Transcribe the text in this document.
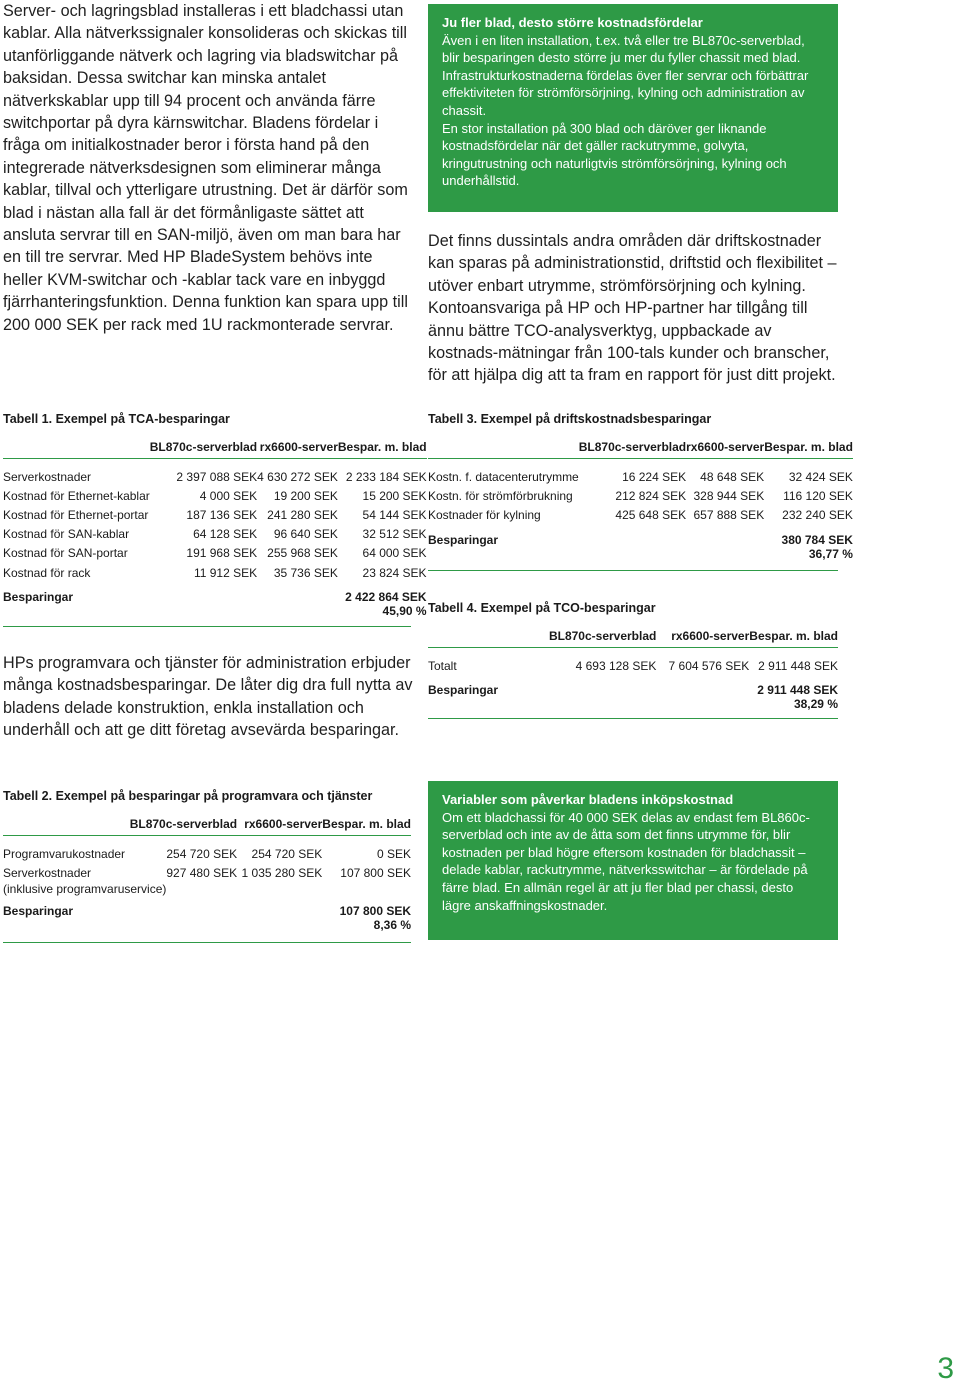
Server- och lagringsblad installeras i ett bladchassi utan kablar. Alla nätverkssignaler konsolideras och skickas till utanförliggande nätverk och lagring via bladswitchar på baksidan. Dessa switchar kan minska antalet nätverkskablar upp till 94 procent och använda färre switchportar på dyra kärnswitchar. Bladens fördelar i fråga om initialkostnader beror i första hand på den integrerade nätverksdesignen som eliminerar många kablar, tillval och ytterligare utrustning. Det är därför som blad i nästan alla fall är det förmånligaste sättet att ansluta servrar till en SAN-miljö, även om man bara har en till tre servrar. Med HP BladeSystem behövs inte heller KVM-switchar och -kablar tack vare en inbyggd fjärrhanteringsfunktion. Denna funktion kan spara upp till 200 000 SEK per rack med 1U rackmonterade servrar.
Ju fler blad, desto större kostnadsfördelar

Även i en liten installation, t.ex. två eller tre BL870c-serverblad, blir besparingen desto större ju mer du fyller chassit med blad. Infrastrukturkostnaderna fördelas över fler servrar och förbättrar effektiviteten för strömförsörjning, kylning och administration av chassit.

En stor installation på 300 blad och däröver ger liknande kostnadsfördelar när det gäller rackutrymme, golvyta, kringutrustning och naturligtvis strömförsörjning, kylning och underhållstid.

Det finns dussintals andra områden där driftskostnader kan sparas på administrationstid, driftstid och flexibilitet – utöver enbart utrymme, strömförsörjning och kylning. Kontoansvariga på HP och HP-partner har tillgång till ännu bättre TCO-analysverktyg, uppbackade av kostnads-mätningar från 100-tals kunder och branscher, för att hjälpa dig att ta fram en rapport för just ditt projekt.
Tabell 1. Exempel på TCA-besparingar
	BL870c-serverblad	rx6600-server	Bespar. m. blad
Serverkostnader	2 397 088 SEK	4 630 272 SEK	2 233 184 SEK
Kostnad för Ethernet-kablar	4 000 SEK	19 200 SEK	15 200 SEK
Kostnad för Ethernet-portar	187 136 SEK	241 280 SEK	54 144 SEK
Kostnad för SAN-kablar	64 128 SEK	96 640 SEK	32 512 SEK
Kostnad för SAN-portar	191 968 SEK	255 968 SEK	64 000 SEK
Kostnad för rack	11 912 SEK	35 736 SEK	23 824 SEK
Besparingar			2 422 864 SEK
			45,90 %
HPs programvara och tjänster för administration erbjuder många kostnadsbesparingar. De låter dig dra full nytta av bladens delade konstruktion, enkla installation och underhåll och att ge ditt företag avsevärda besparingar.
Tabell 2. Exempel på besparingar på programvara och tjänster
	BL870c-serverblad	rx6600-server	Bespar. m. blad
Programvarukostnader	254 720 SEK	254 720 SEK	0 SEK
Serverkostnader	927 480 SEK	1 035 280 SEK	107 800 SEK
(inklusive programvaruservice)			
Besparingar			107 800 SEK
			8,36 %
Tabell 3. Exempel på driftskostnadsbesparingar
	BL870c-serverblad	rx6600-server	Bespar. m. blad
Kostn. f. datacenterutrymme	16 224 SEK	48 648 SEK	32 424 SEK
Kostn. för strömförbrukning	212 824 SEK	328 944 SEK	116 120 SEK
Kostnader för kylning	425 648 SEK	657 888 SEK	232 240 SEK
Besparingar			380 784 SEK
			36,77 %
Tabell 4. Exempel på TCO-besparingar
	BL870c-serverblad	rx6600-server	Bespar. m. blad
Totalt	4 693 128 SEK	7 604 576 SEK	2 911 448 SEK
Besparingar			2 911 448 SEK
			38,29 %
Variabler som påverkar bladens inköpskostnad

Om ett bladchassi för 40 000 SEK delas av endast fem BL860c-serverblad och inte av de åtta som det finns utrymme för, blir kostnaden per blad högre eftersom kostnaden för bladchassit – delade kablar, rackutrymme, nätverksswitchar – är fördelade på färre blad. En allmän regel är att ju fler blad per chassi, desto lägre anskaffningskostnader.

3
